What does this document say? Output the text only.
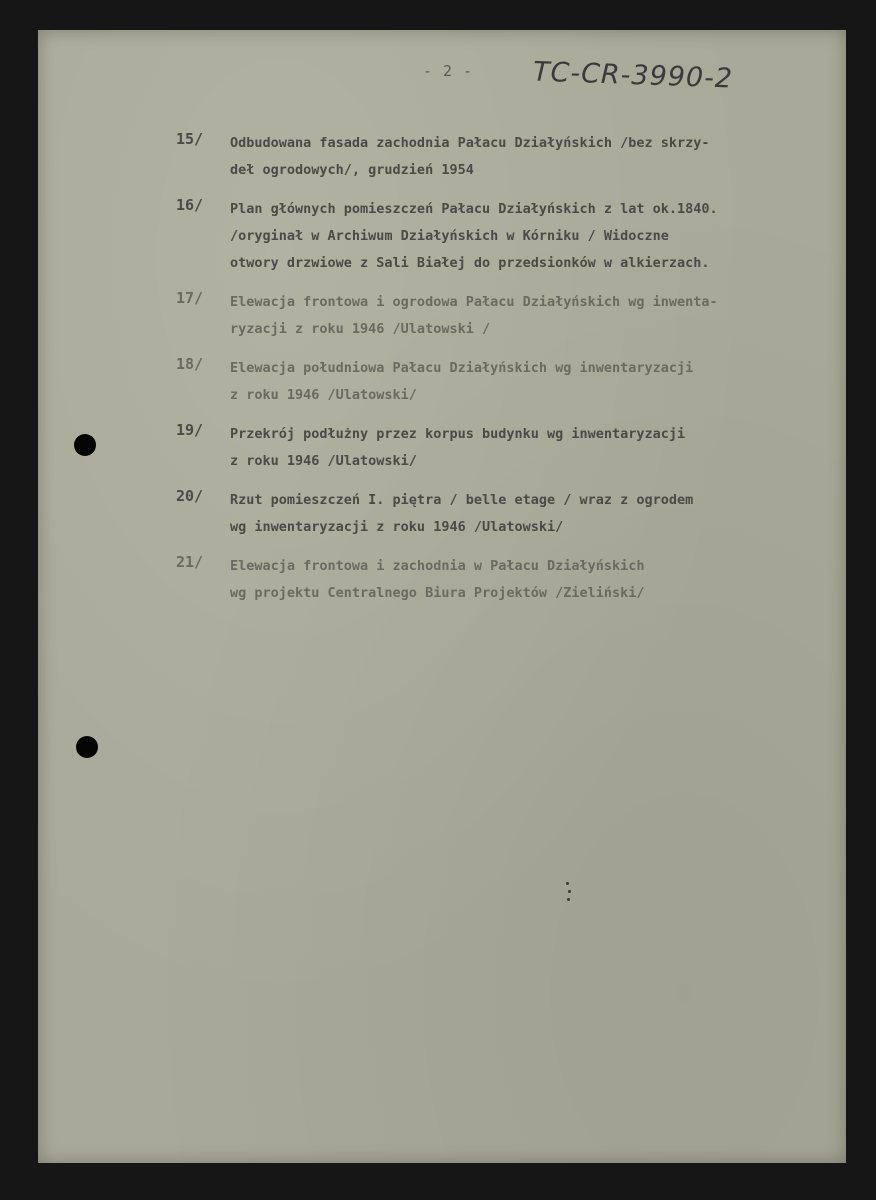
- 2 - TC-CR-3990-2
15/ Odbudowana fasada zachodnia Pałacu Działyńskich /bez skrzy-
deł ogrodowych/, grudzień 1954
16/ Plan głównych pomieszczeń Pałacu Działyńskich z lat ok.1840.
/oryginał w Archiwum Działyńskich w Kórniku / Widoczne
otwory drzwiowe z Sali Białej do przedsionków w alkierzach.
17/ Elewacja frontowa i ogrodowa Pałacu Działyńskich wg inwenta-
ryzacji z roku 1946 /Ulatowski /
18/ Elewacja południowa Pałacu Działyńskich wg inwentaryzacji
z roku 1946 /Ulatowski/
19/ Przekrój podłużny przez korpus budynku wg inwentaryzacji
z roku 1946 /Ulatowski/
20/ Rzut pomieszczeń I. piętra / belle etage / wraz z ogrodem
wg inwentaryzacji z roku 1946 /Ulatowski/
21/ Elewacja frontowa i zachodnia w Pałacu Działyńskich
wg projektu Centralnego Biura Projektów /Zieliński/
